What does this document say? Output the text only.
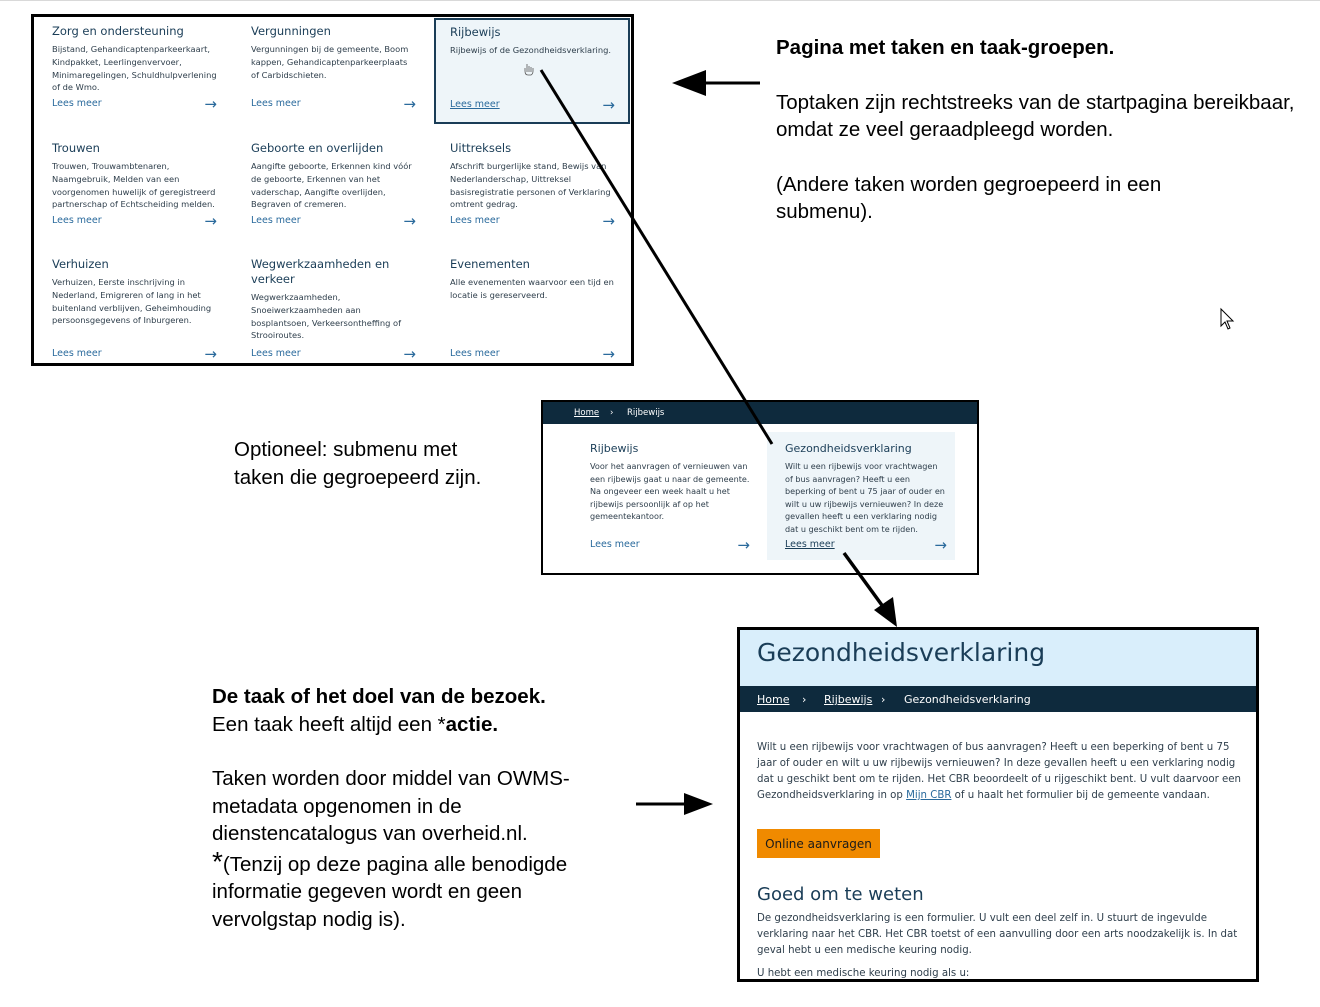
Zorg en ondersteuning
Bijstand, Gehandicaptenparkeerkaart, Kindpakket, Leerlingenvervoer, Minimaregelingen, Schuldhulpverlening of de Wmo.
Lees meer	→
Vergunningen
Vergunningen bij de gemeente, Boom kappen, Gehandicaptenparkeerplaats of Carbidschieten.
Lees meer	→
Rijbewijs
Rijbewijs of de Gezondheidsverklaring.
Lees meer	→
Trouwen
Trouwen, Trouwambtenaren, Naamgebruik, Melden van een voorgenomen huwelijk of geregistreerd partnerschap of Echtscheiding melden.
Lees meer	→
Geboorte en overlijden
Aangifte geboorte, Erkennen kind vóór de geboorte, Erkennen van het vaderschap, Aangifte overlijden, Begraven of cremeren.
Lees meer	→
Uittreksels
Afschrift burgerlijke stand, Bewijs van Nederlanderschap, Uittreksel basisregistratie personen of Verklaring omtrent gedrag.
Lees meer	→
Verhuizen
Verhuizen, Eerste inschrijving in Nederland, Emigreren of lang in het buitenland verblijven, Geheimhouding persoonsgegevens of Inburgeren.
Lees meer	→
Wegwerkzaamheden en verkeer
Wegwerkzaamheden, Snoeiwerkzaamheden aan bosplantsoen, Verkeersontheffing of Strooiroutes.
Lees meer	→
Evenementen
Alle evenementen waarvoor een tijd en locatie is gereserveerd.
Lees meer	→

Pagina met taken en taak-groepen.

Toptaken zijn rechtstreeks van de startpagina bereikbaar, omdat ze veel geraadpleegd worden.

(Andere taken worden gegroepeerd in een submenu).

Optioneel: submenu met taken die gegroepeerd zijn.

Home › Rijbewijs
Rijbewijs
Voor het aanvragen of vernieuwen van een rijbewijs gaat u naar de gemeente. Na ongeveer een week haalt u het rijbewijs persoonlijk af op het gemeentekantoor.
Lees meer	→
Gezondheidsverklaring
Wilt u een rijbewijs voor vrachtwagen of bus aanvragen? Heeft u een beperking of bent u 75 jaar of ouder en wilt u uw rijbewijs vernieuwen? In deze gevallen heeft u een verklaring nodig dat u geschikt bent om te rijden.
Lees meer	→

De taak of het doel van de bezoek.

Een taak heeft altijd een *actie.

Taken worden door middel van OWMS-metadata opgenomen in de dienstencatalogus van overheid.nl.

*(Tenzij op deze pagina alle benodigde informatie gegeven wordt en geen vervolgstap nodig is).

Gezondheidsverklaring
Home › Rijbewijs › Gezondheidsverklaring
Wilt u een rijbewijs voor vrachtwagen of bus aanvragen? Heeft u een beperking of bent u 75 jaar of ouder en wilt u uw rijbewijs vernieuwen? In deze gevallen heeft u een verklaring nodig dat u geschikt bent om te rijden. Het CBR beoordeelt of u rijgeschikt bent. U vult daarvoor een Gezondheidsverklaring in op Mijn CBR of u haalt het formulier bij de gemeente vandaan.
Online aanvragen
Goed om te weten
De gezondheidsverklaring is een formulier. U vult een deel zelf in. U stuurt de ingevulde verklaring naar het CBR. Het CBR toetst of een aanvulling door een arts noodzakelijk is. In dat geval hebt u een medische keuring nodig.
U hebt een medische keuring nodig als u:
